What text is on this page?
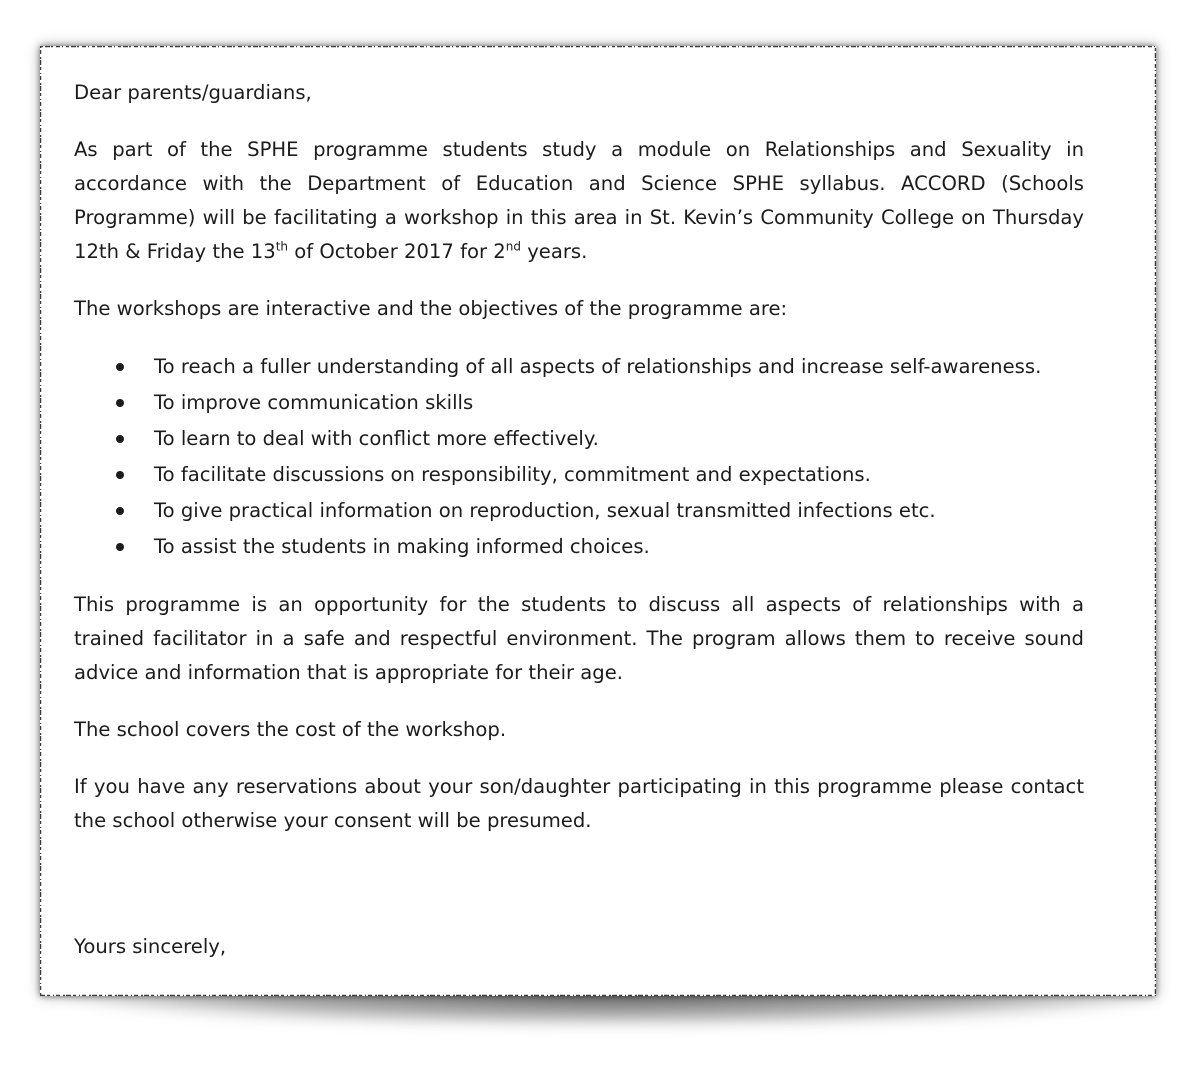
Dear parents/guardians,

As part of the SPHE programme students study a module on Relationships and Sexuality in accordance with the Department of Education and Science SPHE syllabus. ACCORD (Schools Programme) will be facilitating a workshop in this area in St. Kevin’s Community College on Thursday 12th & Friday the 13th of October 2017 for 2nd years.

The workshops are interactive and the objectives of the programme are:

To reach a fuller understanding of all aspects of relationships and increase self-awareness.
To improve communication skills
To learn to deal with conflict more effectively.
To facilitate discussions on responsibility, commitment and expectations.
To give practical information on reproduction, sexual transmitted infections etc.
To assist the students in making informed choices.

This programme is an opportunity for the students to discuss all aspects of relationships with a trained facilitator in a safe and respectful environment. The program allows them to receive sound advice and information that is appropriate for their age.

The school covers the cost of the workshop.

If you have any reservations about your son/daughter participating in this programme please contact the school otherwise your consent will be presumed.

Yours sincerely,
